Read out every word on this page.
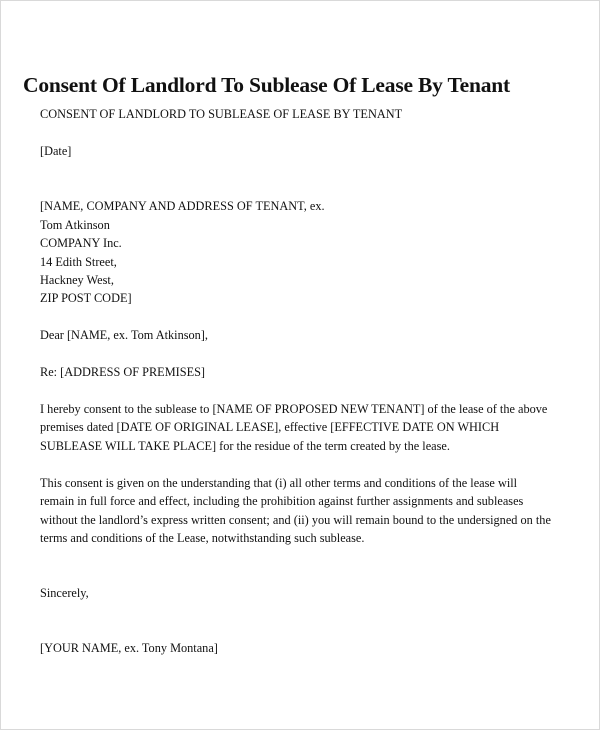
Consent Of Landlord To Sublease Of Lease By Tenant

CONSENT OF LANDLORD TO SUBLEASE OF LEASE BY TENANT

[Date]

[NAME, COMPANY AND ADDRESS OF TENANT, ex.
Tom Atkinson
COMPANY Inc.
14 Edith Street,
Hackney West,
ZIP POST CODE]

Dear [NAME, ex. Tom Atkinson],

Re: [ADDRESS OF PREMISES]

I hereby consent to the sublease to [NAME OF PROPOSED NEW TENANT] of the lease of the above
premises dated [DATE OF ORIGINAL LEASE], effective [EFFECTIVE DATE ON WHICH
SUBLEASE WILL TAKE PLACE] for the residue of the term created by the lease.
This consent is given on the understanding that (i) all other terms and conditions of the lease will
remain in full force and effect, including the prohibition against further assignments and subleases
without the landlord’s express written consent; and (ii) you will remain bound to the undersigned on the
terms and conditions of the Lease, notwithstanding such sublease.

Sincerely,

[YOUR NAME, ex. Tony Montana]
